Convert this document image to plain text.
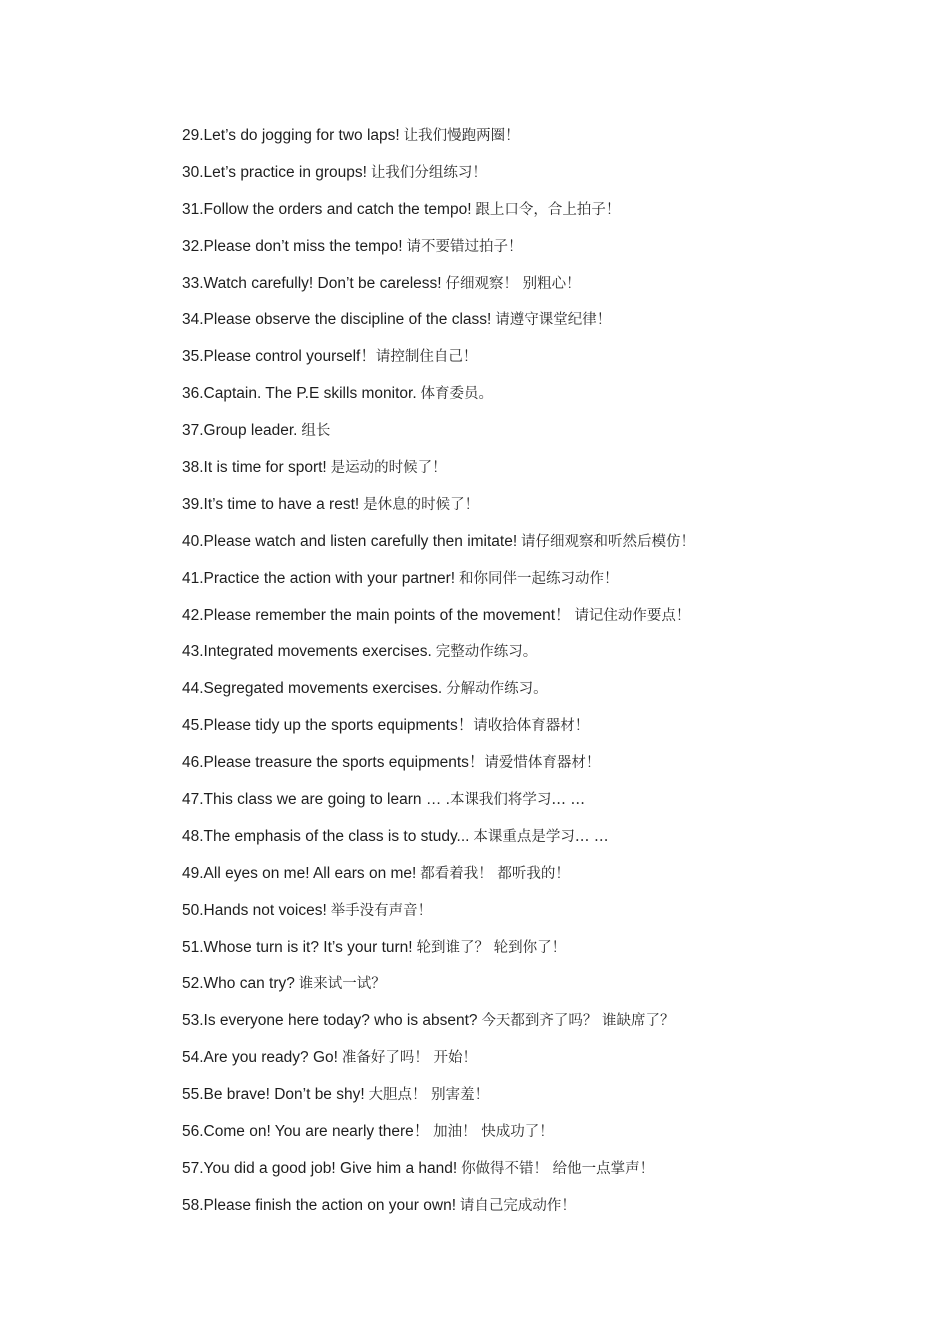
29.Let’s do jogging for two laps! 让我们慢跑两圈！
30.Let’s practice in groups! 让我们分组练习！
31.Follow the orders and catch the tempo! 跟上口令，合上拍子！
32.Please don’t miss the tempo! 请不要错过拍子！
33.Watch carefully! Don’t be careless! 仔细观察！ 别粗心！
34.Please observe the discipline of the class! 请遵守课堂纪律！
35.Please control yourself！请控制住自己！
36.Captain. The P.E skills monitor. 体育委员。
37.Group leader. 组长
38.It is time for sport! 是运动的时候了！
39.It’s time to have a rest! 是休息的时候了！
40.Please watch and listen carefully then imitate! 请仔细观察和听然后模仿！
41.Practice the action with your partner! 和你同伴一起练习动作！
42.Please remember the main points of the movement！ 请记住动作要点！
43.Integrated movements exercises. 完整动作练习。
44.Segregated movements exercises. 分解动作练习。
45.Please tidy up the sports equipments！请收拾体育器材！
46.Please treasure the sports equipments！请爱惜体育器材！
47.This class we are going to learn … .本课我们将学习… …
48.The emphasis of the class is to study... 本课重点是学习… …
49.All eyes on me! All ears on me! 都看着我！ 都听我的！
50.Hands not voices! 举手没有声音！
51.Whose turn is it? It’s your turn! 轮到谁了？ 轮到你了！
52.Who can try? 谁来试一试？
53.Is everyone here today? who is absent? 今天都到齐了吗？ 谁缺席了？
54.Are you ready? Go! 准备好了吗！ 开始！
55.Be brave! Don’t be shy! 大胆点！ 别害羞！
56.Come on! You are nearly there！ 加油！ 快成功了！
57.You did a good job! Give him a hand! 你做得不错！ 给他一点掌声！
58.Please finish the action on your own! 请自己完成动作！
